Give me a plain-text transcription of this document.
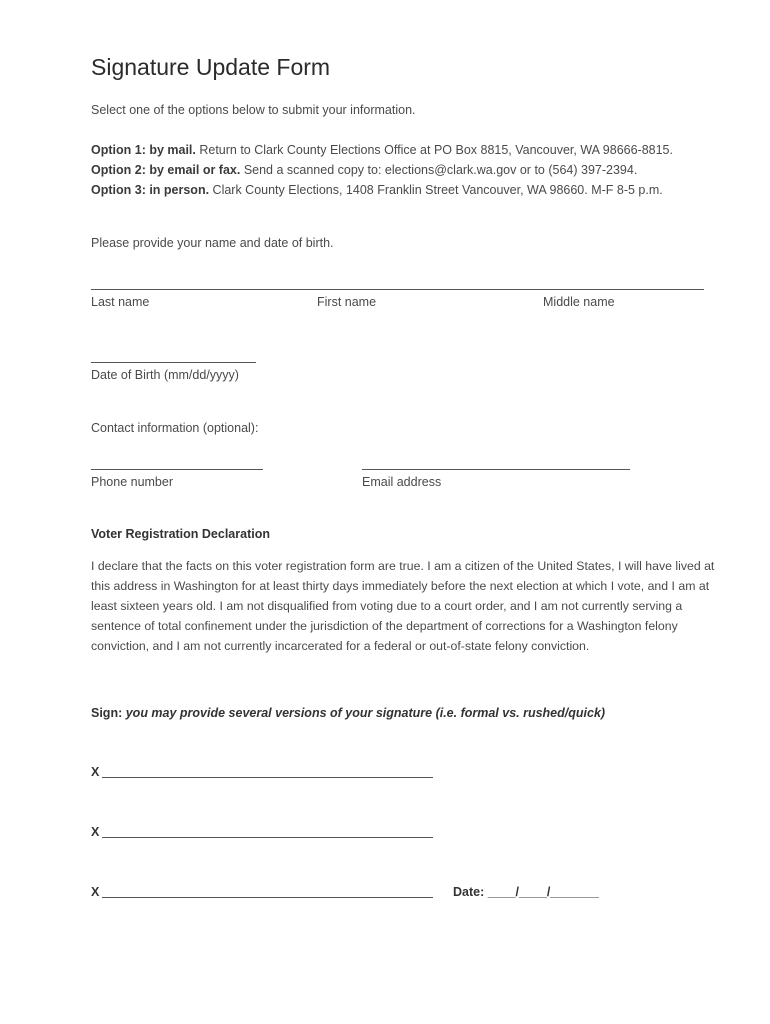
Signature Update Form
Select one of the options below to submit your information.
Option 1: by mail. Return to Clark County Elections Office at PO Box 8815, Vancouver, WA 98666-8815.
Option 2: by email or fax. Send a scanned copy to: elections@clark.wa.gov or to (564) 397-2394.
Option 3: in person. Clark County Elections, 1408 Franklin Street Vancouver, WA 98660. M-F 8-5 p.m.
Please provide your name and date of birth.
Last name	First name	Middle name
Date of Birth (mm/dd/yyyy)
Contact information (optional):
Phone number	Email address
Voter Registration Declaration
I declare that the facts on this voter registration form are true. I am a citizen of the United States, I will have lived at this address in Washington for at least thirty days immediately before the next election at which I vote, and I am at least sixteen years old. I am not disqualified from voting due to a court order, and I am not currently serving a sentence of total confinement under the jurisdiction of the department of corrections for a Washington felony conviction, and I am not currently incarcerated for a federal or out-of-state felony conviction.
Sign: you may provide several versions of your signature (i.e. formal vs. rushed/quick)
X
X
X	Date: ____/____/_______
